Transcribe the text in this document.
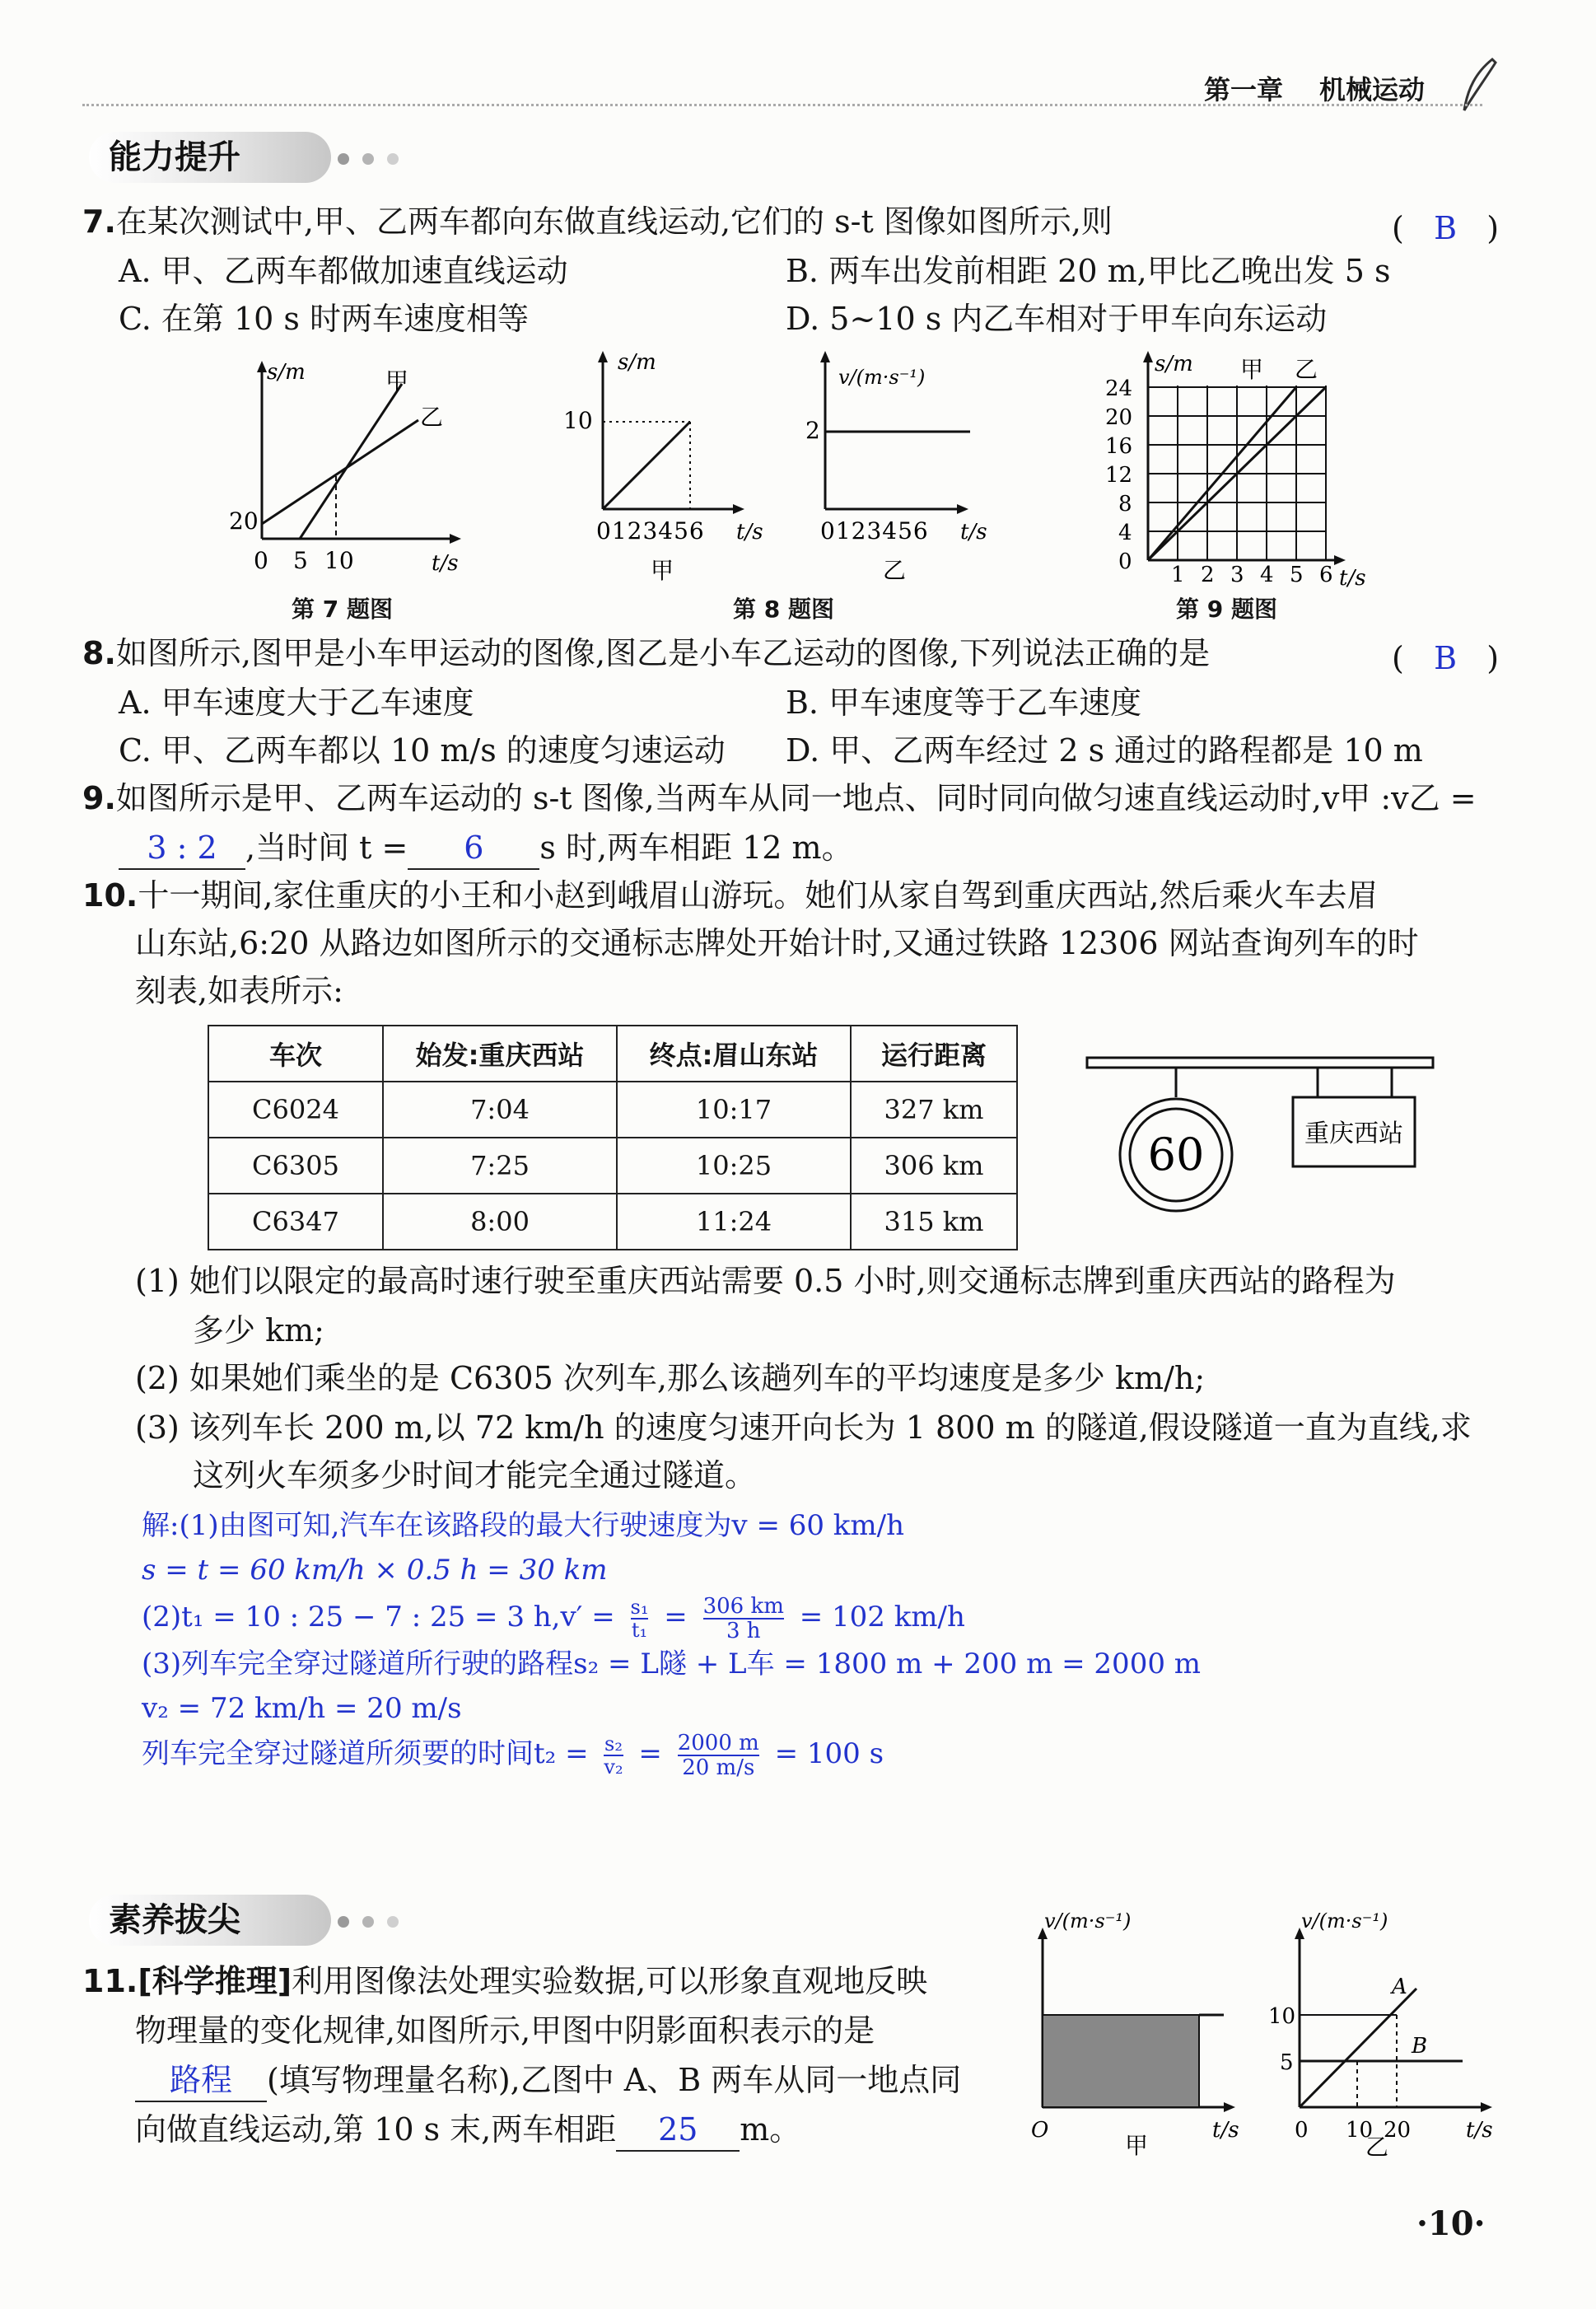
第一章 机械运动
能力提升
7.在某次测试中,甲、乙两车都向东做直线运动,它们的 s-t 图像如图所示,则	(   B   )
A. 甲、乙两车都做加速直线运动	B. 两车出发前相距 20 m,甲比乙晚出发 5 s
C. 在第 10 s 时两车速度相等	D. 5~10 s 内乙车相对于甲车向东运动
s/m	甲
乙
20
0 5 10	t/s
第 7 题图
s/m
10
0123456 t/s
甲
v/(m·s⁻¹)
2
0123456 t/s
乙
第 8 题图
s/m 甲 乙
24
20
16
12
8
4
0
1 2 3 4 5 6 t/s
第 9 题图
8.如图所示,图甲是小车甲运动的图像,图乙是小车乙运动的图像,下列说法正确的是	(   B   )
A. 甲车速度大于乙车速度	B. 甲车速度等于乙车速度
C. 甲、乙两车都以 10 m/s 的速度匀速运动 D. 甲、乙两车经过 2 s 通过的路程都是 10 m
9.如图所示是甲、乙两车运动的 s-t 图像,当两车从同一地点、同时同向做匀速直线运动时,v甲 :v乙 =
3 : 2 ,当时间 t = 6 s 时,两车相距 12 m。
10.十一期间,家住重庆的小王和小赵到峨眉山游玩。她们从家自驾到重庆西站,然后乘火车去眉
山东站,6:20 从路边如图所示的交通标志牌处开始计时,又通过铁路 12306 网站查询列车的时
刻表,如表所示:
车次	始发:重庆西站	终点:眉山东站	运行距离
C6024	7:04	10:17	327 km
C6305	7:25	10:25	306 km
C6347	8:00	11:24	315 km
60	重庆西站
(1) 她们以限定的最高时速行驶至重庆西站需要 0.5 小时,则交通标志牌到重庆西站的路程为
多少 km;
(2) 如果她们乘坐的是 C6305 次列车,那么该趟列车的平均速度是多少 km/h;
(3) 该列车长 200 m,以 72 km/h 的速度匀速开向长为 1 800 m 的隧道,假设隧道一直为直线,求
这列火车须多少时间才能完全通过隧道。
解:(1)由图可知,汽车在该路段的最大行驶速度为v = 60 km/h
s = t = 60 km/h × 0.5 h = 30 km
(2)t₁ = 10 : 25 − 7 : 25 = 3 $h,v' = \frac{\text{s₁}}{\text{t₁}} = \frac{306 km}{3 h} = 102$ km/h
(3)列车完全穿过隧道所行驶的路程s₂ = L隧 + L车 = 1800 m + 200 m = 2000 m
v₂ = 72 km/h = 20 m/s
列车完全穿过隧道所须要的时间$t_2 = \frac{\text{s₂}}{\text{v₂}} = \frac{2000 m}{20 m/s} = 100$ s
素养拔尖
11.[科学推理]利用图像法处理实验数据,可以形象直观地反映
物理量的变化规律,如图所示,甲图中阴影面积表示的是
路程 (填写物理量名称),乙图中 A、B 两车从同一地点同
向做直线运动,第 10 s 末,两车相距 25 m。
v/(m·s⁻¹)
O	t/s
甲
v/(m·s⁻¹)
A
B
10
5
0 10 20	t/s
乙
·10·
